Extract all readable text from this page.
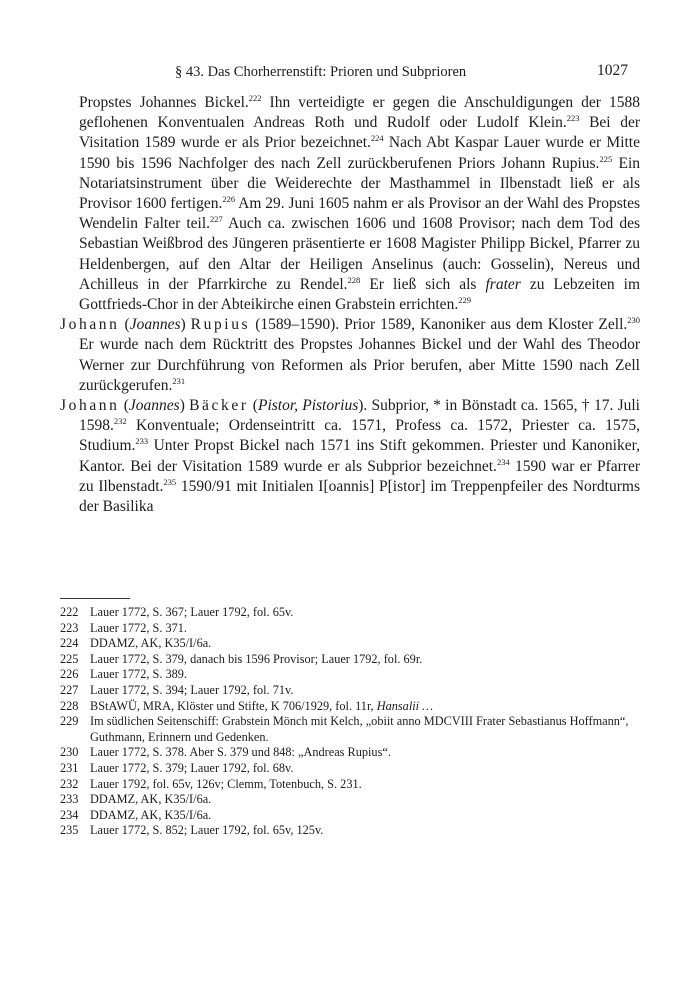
§ 43. Das Chorherrenstift: Prioren und Subprioren	1027

Propstes Johannes Bickel.$^{222}$ Ihn verteidigte er gegen die Anschuldigungen der 1588 geflohenen Konventualen Andreas Roth und Rudolf oder Ludolf Klein.$^{223}$ Bei der Visitation 1589 wurde er als Prior bezeichnet.$^{224}$ Nach Abt Kaspar Lauer wurde er Mitte 1590 bis 1596 Nachfolger des nach Zell zurückberufenen Priors Johann Rupius.$^{225}$ Ein Notariatsinstrument über die Weiderechte der Masthammel in Ilbenstadt ließ er als Provisor 1600 fertigen.$^{226}$ Am 29. Juni 1605 nahm er als Provisor an der Wahl des Propstes Wendelin Falter teil.$^{227}$ Auch ca. zwischen 1606 und 1608 Provisor; nach dem Tod des Sebastian Weißbrod des Jüngeren präsentierte er 1608 Magister Philipp Bickel, Pfarrer zu Heldenbergen, auf den Altar der Heiligen Anselinus (auch: Gosselin), Nereus und Achilleus in der Pfarrkirche zu Rendel.$^{228}$ Er ließ sich als frater zu Lebzeiten im Gottfrieds-Chor in der Abteikirche einen Grabstein errichten.$^{229}$

Johann (Joannes) Rupius (1589–1590). Prior 1589, Kanoniker aus dem Kloster Zell.$^{230}$ Er wurde nach dem Rücktritt des Propstes Johannes Bickel und der Wahl des Theodor Werner zur Durchführung von Reformen als Prior berufen, aber Mitte 1590 nach Zell zurückgerufen.$^{231}$

Johann (Joannes) Bäcker (Pistor, Pistorius). Subprior, * in Bönstadt ca. 1565, † 17. Juli 1598.$^{232}$ Konventuale; Ordenseintritt ca. 1571, Profess ca. 1572, Priester ca. 1575, Studium.$^{233}$ Unter Propst Bickel nach 1571 ins Stift gekommen. Priester und Kanoniker, Kantor. Bei der Visitation 1589 wurde er als Subprior bezeichnet.$^{234}$ 1590 war er Pfarrer zu Ilbenstadt.$^{235}$ 1590/91 mit Initialen I[oannis] P[istor] im Treppenpfeiler des Nordturms der Basilika

222 Lauer 1772, S. 367; Lauer 1792, fol. 65v.
223 Lauer 1772, S. 371.
224 DDAMZ, AK, K35/I/6a.
225 Lauer 1772, S. 379, danach bis 1596 Provisor; Lauer 1792, fol. 69r.
226 Lauer 1772, S. 389.
227 Lauer 1772, S. 394; Lauer 1792, fol. 71v.
228 BStAWÜ, MRA, Klöster und Stifte, K 706/1929, fol. 11r, Hansalii …
229 Im südlichen Seitenschiff: Grabstein Mönch mit Kelch, „obiit anno MDCVIII Frater Sebastianus Hoffmann“, Guthmann, Erinnern und Gedenken.
230 Lauer 1772, S. 378. Aber S. 379 und 848: „Andreas Rupius“.
231 Lauer 1772, S. 379; Lauer 1792, fol. 68v.
232 Lauer 1792, fol. 65v, 126v; Clemm, Totenbuch, S. 231.
233 DDAMZ, AK, K35/I/6a.
234 DDAMZ, AK, K35/I/6a.
235 Lauer 1772, S. 852; Lauer 1792, fol. 65v, 125v.
